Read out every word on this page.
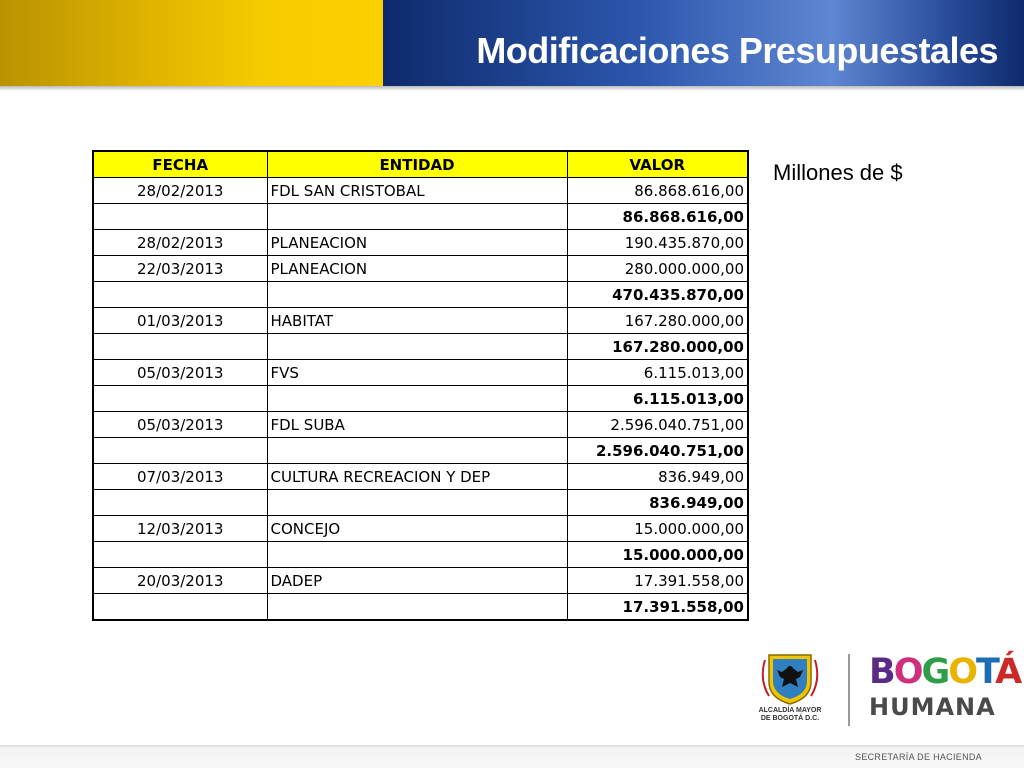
Modificaciones Presupuestales
FECHA	ENTIDAD	VALOR
28/02/2013	FDL SAN CRISTOBAL	86.868.616,00
		86.868.616,00
28/02/2013	PLANEACION	190.435.870,00
22/03/2013	PLANEACION	280.000.000,00
		470.435.870,00
01/03/2013	HABITAT	167.280.000,00
		167.280.000,00
05/03/2013	FVS	6.115.013,00
		6.115.013,00
05/03/2013	FDL SUBA	2.596.040.751,00
		2.596.040.751,00
07/03/2013	CULTURA RECREACION Y DEP	836.949,00
		836.949,00
12/03/2013	CONCEJO	15.000.000,00
		15.000.000,00
20/03/2013	DADEP	17.391.558,00
		17.391.558,00
Millones de $
ALCALDÍA MAYOR
DE BOGOTÁ D.C.
BOGOTÁ
HUMANA
SECRETARÍA DE HACIENDA
